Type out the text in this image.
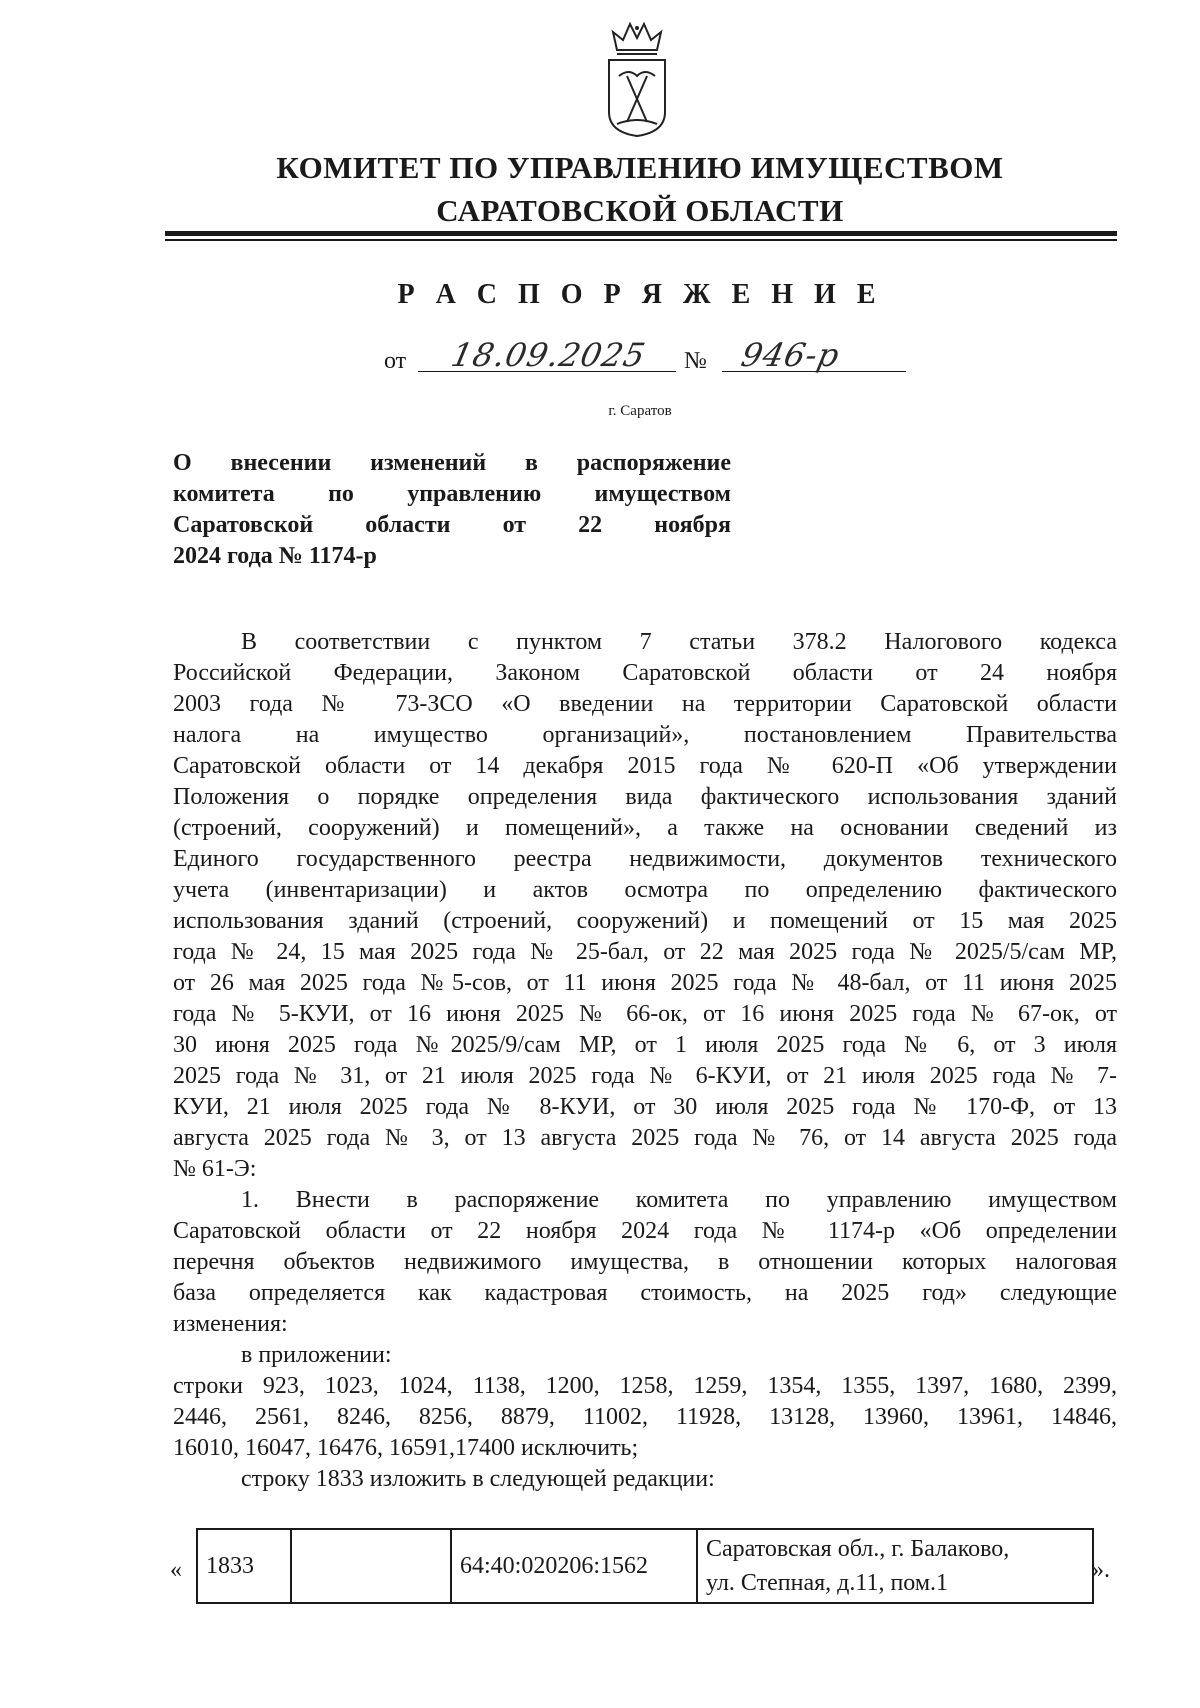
КОМИТЕТ ПО УПРАВЛЕНИЮ ИМУЩЕСТВОМ
САРАТОВСКОЙ ОБЛАСТИ
Р А С П О Р Я Ж Е Н И Е
от 18.09.2025 № 946-р
г. Саратов
О внесении изменений в распоряжение
комитета по управлению имуществом
Саратовской области от 22 ноября
2024 года № 1174-р
В соответствии с пунктом 7 статьи 378.2 Налогового кодекса
Российской Федерации, Законом Саратовской области от 24 ноября
2003 года № 73-ЗСО «О введении на территории Саратовской области
налога на имущество организаций», постановлением Правительства
Саратовской области от 14 декабря 2015 года № 620-П «Об утверждении
Положения о порядке определения вида фактического использования зданий
(строений, сооружений) и помещений», а также на основании сведений из
Единого государственного реестра недвижимости, документов технического
учета (инвентаризации) и актов осмотра по определению фактического
использования зданий (строений, сооружений) и помещений от 15 мая 2025
года № 24, 15 мая 2025 года № 25-бал, от 22 мая 2025 года № 2025/5/сам МР,
от 26 мая 2025 года №5-сов, от 11 июня 2025 года № 48-бал, от 11 июня 2025
года № 5-КУИ, от 16 июня 2025 № 66-ок, от 16 июня 2025 года № 67-ок, от
30 июня 2025 года №2025/9/сам МР, от 1 июля 2025 года № 6, от 3 июля
2025 года № 31, от 21 июля 2025 года № 6-КУИ, от 21 июля 2025 года № 7-
КУИ, 21 июля 2025 года № 8-КУИ, от 30 июля 2025 года № 170-Ф, от 13
августа 2025 года № 3, от 13 августа 2025 года № 76, от 14 августа 2025 года
№ 61-Э:
1. Внести в распоряжение комитета по управлению имуществом
Саратовской области от 22 ноября 2024 года № 1174-р «Об определении
перечня объектов недвижимого имущества, в отношении которых налоговая
база определяется как кадастровая стоимость, на 2025 год» следующие
изменения:
в приложении:
строки 923, 1023, 1024, 1138, 1200, 1258, 1259, 1354, 1355, 1397, 1680, 2399,
2446, 2561, 8246, 8256, 8879, 11002, 11928, 13128, 13960, 13961, 14846,
16010, 16047, 16476, 16591,17400 исключить;
строку 1833 изложить в следующей редакции:
« 1833		64:40:020206:1562	
Саратовская обл., г. Балаково,
ул. Степная, д.11, пом.1	».
